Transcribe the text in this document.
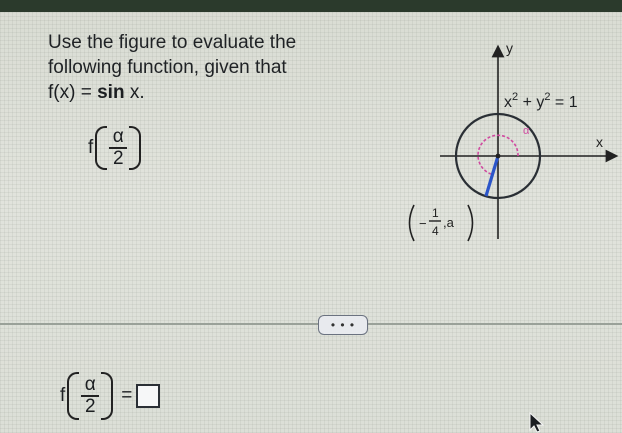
Use the figure to evaluate the
following function, given that
f(x) = sin x.
f $\frac{\alpha}{2}$
y
x
α
$x^2 + y^2 = 1$
−
1
4
,a
• • •
f $\frac{\alpha}{2}$ =
